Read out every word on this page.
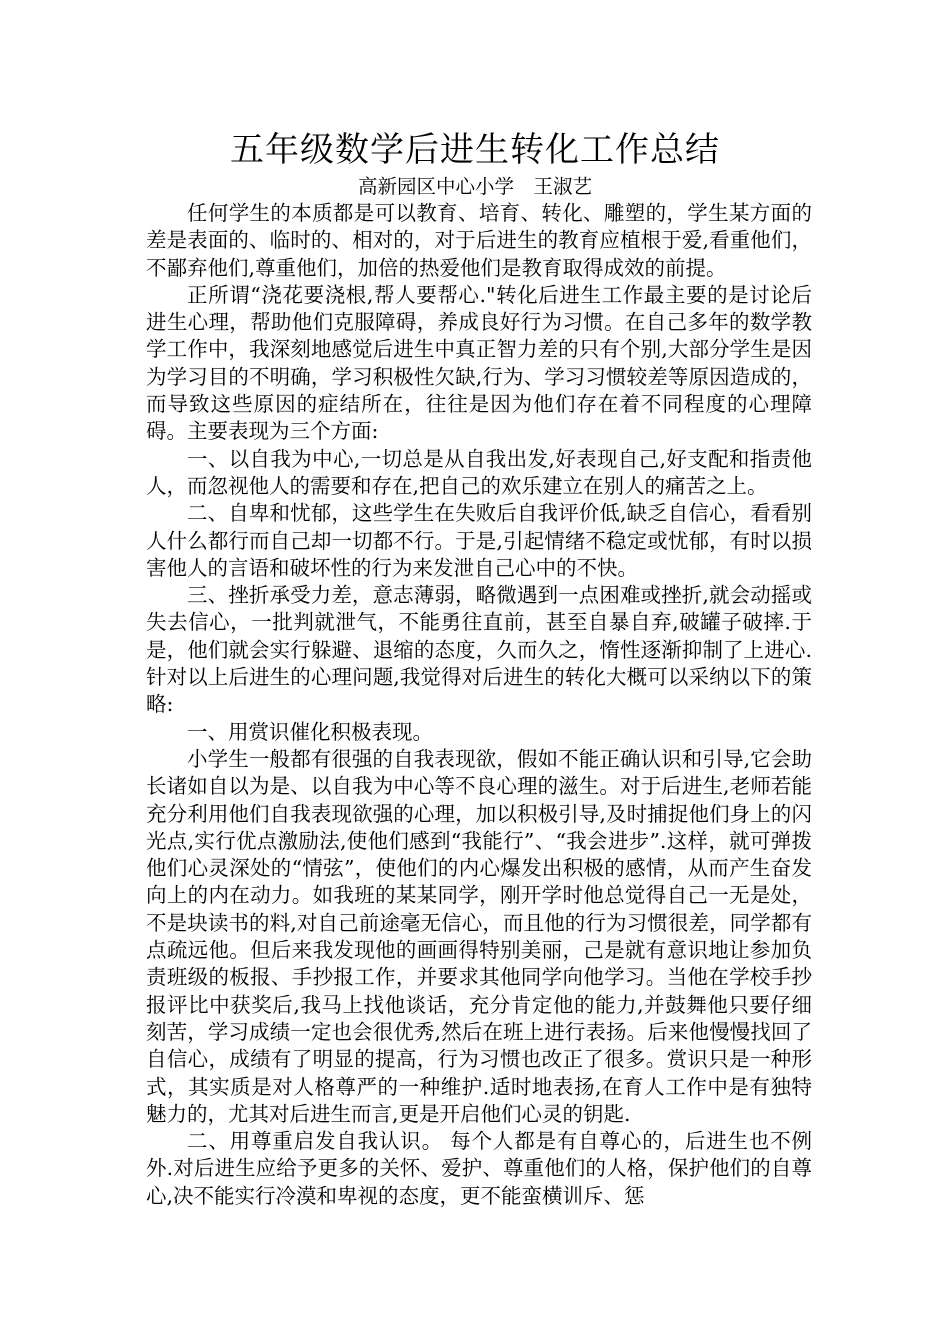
五年级数学后进生转化工作总结
高新园区中心小学　王淑艺

任何学生的本质都是可以教育、培育、转化、雕塑的，学生某方面的差是表面的、临时的、相对的，对于后进生的教育应植根于爱,看重他们，不鄙弃他们,尊重他们，加倍的热爱他们是教育取得成效的前提。

正所谓“浇花要浇根,帮人要帮心."转化后进生工作最主要的是讨论后进生心理，帮助他们克服障碍，养成良好行为习惯。在自己多年的数学教学工作中，我深刻地感觉后进生中真正智力差的只有个别,大部分学生是因为学习目的不明确，学习积极性欠缺,行为、学习习惯较差等原因造成的，而导致这些原因的症结所在，往往是因为他们存在着不同程度的心理障碍。主要表现为三个方面:

一、以自我为中心,一切总是从自我出发,好表现自己,好支配和指责他人，而忽视他人的需要和存在,把自己的欢乐建立在别人的痛苦之上。

二、自卑和忧郁，这些学生在失败后自我评价低,缺乏自信心，看看别人什么都行而自己却一切都不行。于是,引起情绪不稳定或忧郁，有时以损害他人的言语和破坏性的行为来发泄自己心中的不快。

三、挫折承受力差，意志薄弱，略微遇到一点困难或挫折,就会动摇或失去信心，一批判就泄气，不能勇往直前，甚至自暴自弃,破罐子破摔.于是，他们就会实行躲避、退缩的态度，久而久之，惰性逐渐抑制了上进心.针对以上后进生的心理问题,我觉得对后进生的转化大概可以采纳以下的策略:

一、用赏识催化积极表现。

小学生一般都有很强的自我表现欲，假如不能正确认识和引导,它会助长诸如自以为是、以自我为中心等不良心理的滋生。对于后进生,老师若能充分利用他们自我表现欲强的心理，加以积极引导,及时捕捉他们身上的闪光点,实行优点激励法,使他们感到“我能行”、“我会进步”.这样，就可弹拨他们心灵深处的“情弦”，使他们的内心爆发出积极的感情，从而产生奋发向上的内在动力。如我班的某某同学，刚开学时他总觉得自己一无是处，不是块读书的料,对自己前途毫无信心，而且他的行为习惯很差，同学都有点疏远他。但后来我发现他的画画得特别美丽，己是就有意识地让参加负责班级的板报、手抄报工作，并要求其他同学向他学习。当他在学校手抄报评比中获奖后,我马上找他谈话，充分肯定他的能力,并鼓舞他只要仔细刻苦，学习成绩一定也会很优秀,然后在班上进行表扬。后来他慢慢找回了自信心，成绩有了明显的提高，行为习惯也改正了很多。赏识只是一种形式，其实质是对人格尊严的一种维护.适时地表扬,在育人工作中是有独特魅力的，尤其对后进生而言,更是开启他们心灵的钥匙.

二、用尊重启发自我认识。 每个人都是有自尊心的，后进生也不例外.对后进生应给予更多的关怀、爱护、尊重他们的人格，保护他们的自尊心,决不能实行冷漠和卑视的态度，更不能蛮横训斥、惩
